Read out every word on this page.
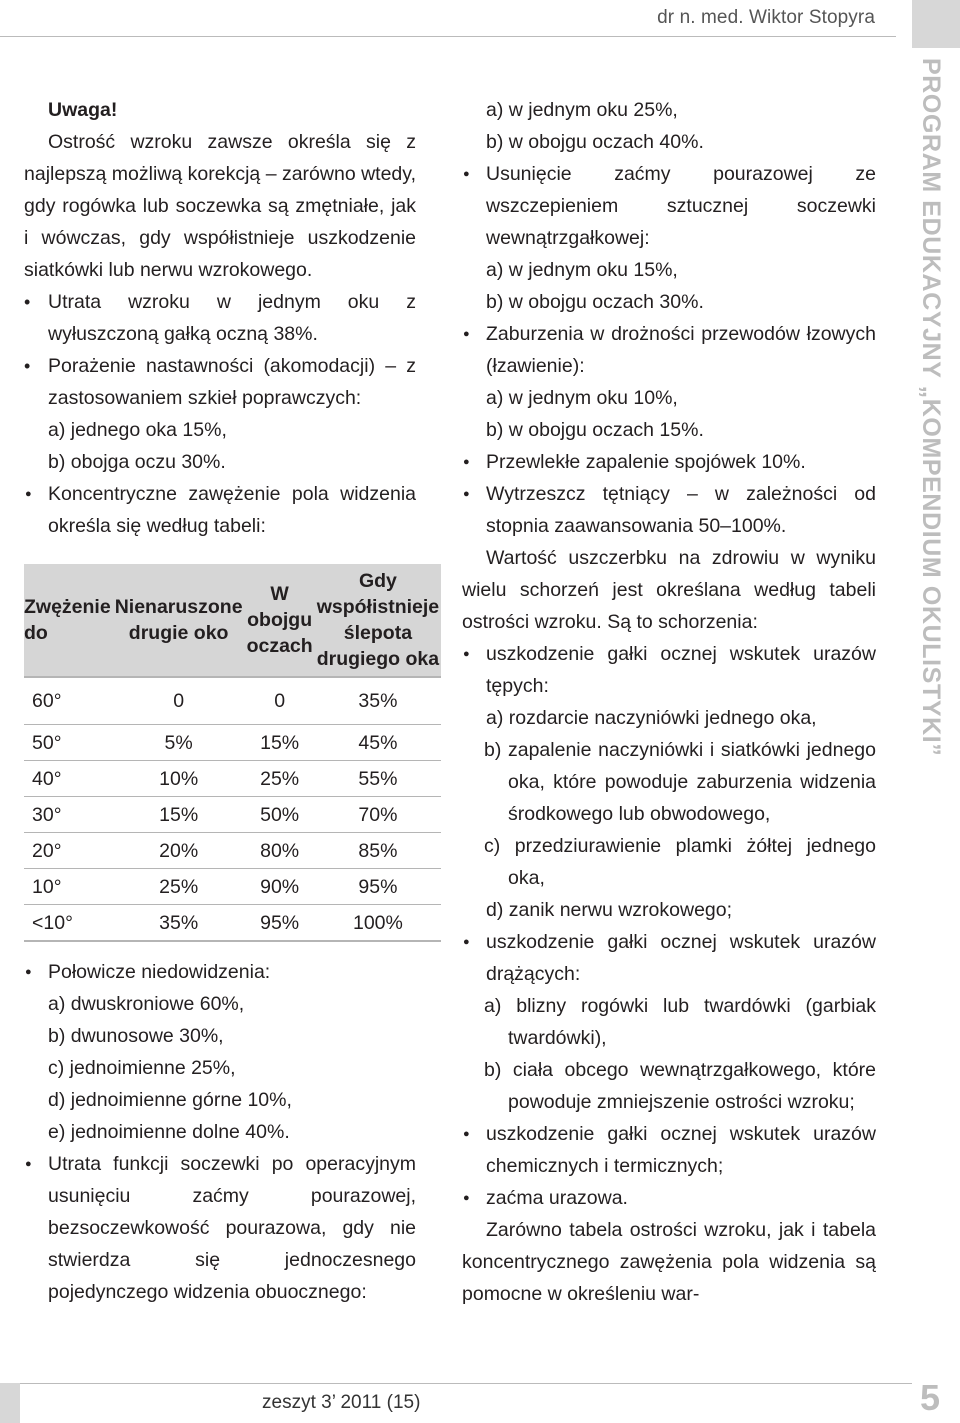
dr n. med. Wiktor Stopyra
PROGRAM EDUKACYJNY „KOMPENDIUM OKULISTYKI”
5
zeszyt 3’ 2011 (15)

Uwaga!

Ostrość wzroku zawsze określa się z najlepszą możliwą korekcją – zarówno wtedy, gdy rogówka lub soczewka są zmętniałe, jak i wówczas, gdy współistnieje uszkodzenie siatkówki lub nerwu wzrokowego.

• Utrata wzroku w jednym oku z wyłuszczoną gałką oczną 38%.

• Porażenie nastawności (akomodacji) – z zastosowaniem szkieł poprawczych:

a) jednego oka 15%,

b) obojga oczu 30%.

● Koncentryczne zawężenie pola widzenia określa się według tabeli:

Zwężenie do	Nienaruszone drugie oko	W obojgu oczach	Gdy współistnieje ślepota drugiego oka
60°	0	0	35%
50°	5%	15%	45%
40°	10%	25%	55%
30°	15%	50%	70%
20°	20%	80%	85%
10°	25%	90%	95%
<10°	35%	95%	100%

● Połowicze niedowidzenia:

a) dwuskroniowe 60%,

b) dwunosowe 30%,

c) jednoimienne 25%,

d) jednoimienne górne 10%,

e) jednoimienne dolne 40%.

● Utrata funkcji soczewki po operacyjnym usunięciu zaćmy pourazowej, bezsoczewkowość pourazowa, gdy nie stwierdza się jednoczesnego pojedynczego widzenia obuocznego:

a) w jednym oku 25%,

b) w obojgu oczach 40%.

● Usunięcie zaćmy pourazowej ze wszczepieniem sztucznej soczewki wewnątrzgałkowej:

a) w jednym oku 15%,

b) w obojgu oczach 30%.

● Zaburzenia w drożności przewodów łzowych (łzawienie):

a) w jednym oku 10%,

b) w obojgu oczach 15%.

● Przewlekłe zapalenie spojówek 10%.

● Wytrzeszcz tętniący – w zależności od stopnia zaawansowania 50–100%.

Wartość uszczerbku na zdrowiu w wyniku wielu schorzeń jest określana według tabeli ostrości wzroku. Są to schorzenia:

● uszkodzenie gałki ocznej wskutek urazów tępych:

a) rozdarcie naczyniówki jednego oka,

b) zapalenie naczyniówki i siatkówki jednego oka, które powoduje zaburzenia widzenia środkowego lub obwodowego,

c) przedziurawienie plamki żółtej jednego oka,

d) zanik nerwu wzrokowego;

● uszkodzenie gałki ocznej wskutek urazów drążących:

a) blizny rogówki lub twardówki (garbiak twardówki),

b) ciała obcego wewnątrzgałkowego, które powoduje zmniejszenie ostrości wzroku;

● uszkodzenie gałki ocznej wskutek urazów chemicznych i termicznych;

● zaćma urazowa.

Zarówno tabela ostrości wzroku, jak i tabela koncentrycznego zawężenia pola widzenia są pomocne w określeniu war-
